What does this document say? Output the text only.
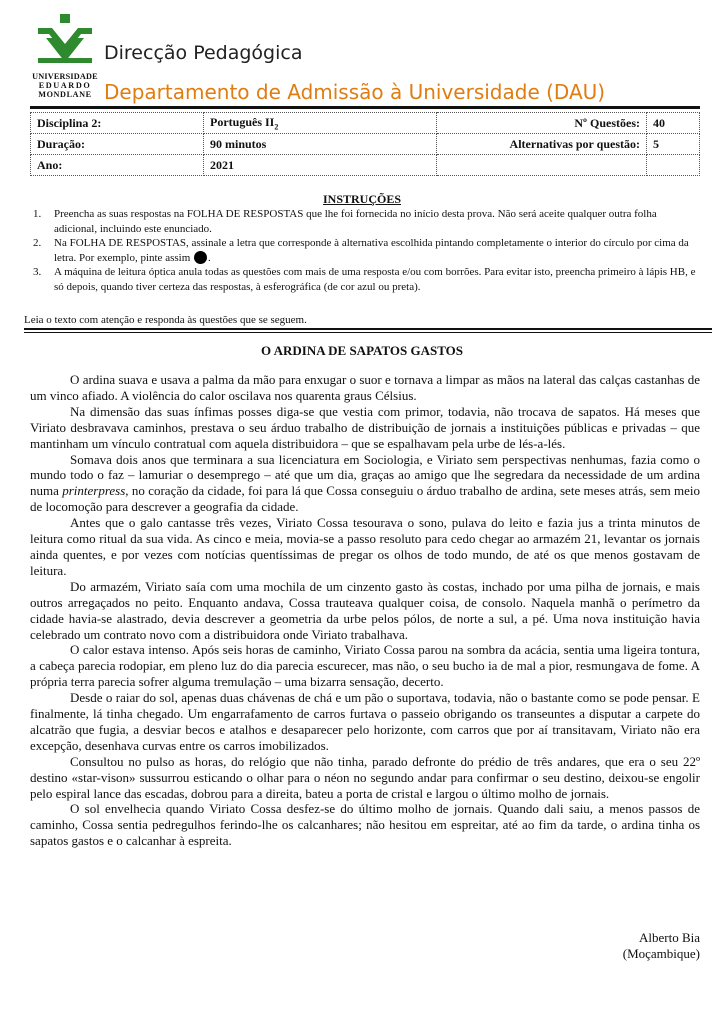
UNIVERSIDADE
EDUARDO
MONDLANE
Direcção Pedagógica
Departamento de Admissão à Universidade (DAU)
Disciplina 2:	Português $II_2$	Nº Questões:	40
Duração:	90 minutos	Alternativas por questão:	5
Ano:	2021		
INSTRUÇÕES
1. Preencha as suas respostas na FOLHA DE RESPOSTAS que lhe foi fornecida no início desta prova. Não será aceite qualquer outra folha adicional, incluindo este enunciado.
2. Na FOLHA DE RESPOSTAS, assinale a letra que corresponde à alternativa escolhida pintando completamente o interior do círculo por cima da letra. Por exemplo, pinte assim .
3. A máquina de leitura óptica anula todas as questões com mais de uma resposta e/ou com borrões. Para evitar isto, preencha primeiro à lápis HB, e só depois, quando tiver certeza das respostas, à esferográfica (de cor azul ou preta).
Leia o texto com atenção e responda às questões que se seguem.
O ARDINA DE SAPATOS GASTOS

O ardina suava e usava a palma da mão para enxugar o suor e tornava a limpar as mãos na lateral das calças castanhas de um vinco afiado. A violência do calor oscilava nos quarenta graus Célsius.

Na dimensão das suas ínfimas posses diga-se que vestia com primor, todavia, não trocava de sapatos. Há meses que Viriato desbravava caminhos, prestava o seu árduo trabalho de distribuição de jornais a instituições públicas e privadas – que mantinham um vínculo contratual com aquela distribuidora – que se espalhavam pela urbe de lés-a-lés.

Somava dois anos que terminara a sua licenciatura em Sociologia, e Viriato sem perspectivas nenhumas, fazia como o mundo todo o faz – lamuriar o desemprego – até que um dia, graças ao amigo que lhe segredara da necessidade de um ardina numa printerpress, no coração da cidade, foi para lá que Cossa conseguiu o árduo trabalho de ardina, sete meses atrás, sem meio de locomoção para descrever a geografia da cidade.

Antes que o galo cantasse três vezes, Viriato Cossa tesourava o sono, pulava do leito e fazia jus a trinta minutos de leitura como ritual da sua vida. As cinco e meia, movia-se a passo resoluto para cedo chegar ao armazém 21, levantar os jornais ainda quentes, e por vezes com notícias quentíssimas de pregar os olhos de todo mundo, de até os que menos gostavam de leitura.

Do armazém, Viriato saía com uma mochila de um cinzento gasto às costas, inchado por uma pilha de jornais, e mais outros arregaçados no peito. Enquanto andava, Cossa trauteava qualquer coisa, de consolo. Naquela manhã o perímetro da cidade havia-se alastrado, devia descrever a geometria da urbe pelos pólos, de norte a sul, a pé. Uma nova instituição havia celebrado um contrato novo com a distribuidora onde Viriato trabalhava.

O calor estava intenso. Após seis horas de caminho, Viriato Cossa parou na sombra da acácia, sentia uma ligeira tontura, a cabeça parecia rodopiar, em pleno luz do dia parecia escurecer, mas não, o seu bucho ia de mal a pior, resmungava de fome. A própria terra parecia sofrer alguma tremulação – uma bizarra sensação, decerto.

Desde o raiar do sol, apenas duas chávenas de chá e um pão o suportava, todavia, não o bastante como se pode pensar. E finalmente, lá tinha chegado. Um engarrafamento de carros furtava o passeio obrigando os transeuntes a disputar a carpete do alcatrão que fugia, a desviar becos e atalhos e desaparecer pelo horizonte, com carros que por aí transitavam, Viriato não era excepção, desenhava curvas entre os carros imobilizados.

Consultou no pulso as horas, do relógio que não tinha, parado defronte do prédio de três andares, que era o seu 22º destino «star-vison» sussurrou esticando o olhar para o néon no segundo andar para confirmar o seu destino, deixou-se engolir pelo espiral lance das escadas, dobrou para a direita, bateu a porta de cristal e largou o último molho de jornais.

O sol envelhecia quando Viriato Cossa desfez-se do último molho de jornais. Quando dali saiu, a menos passos de caminho, Cossa sentia pedregulhos ferindo-lhe os calcanhares; não hesitou em espreitar, até ao fim da tarde, o ardina tinha os sapatos gastos e o calcanhar à espreita.

Alberto Bia
(Moçambique)
